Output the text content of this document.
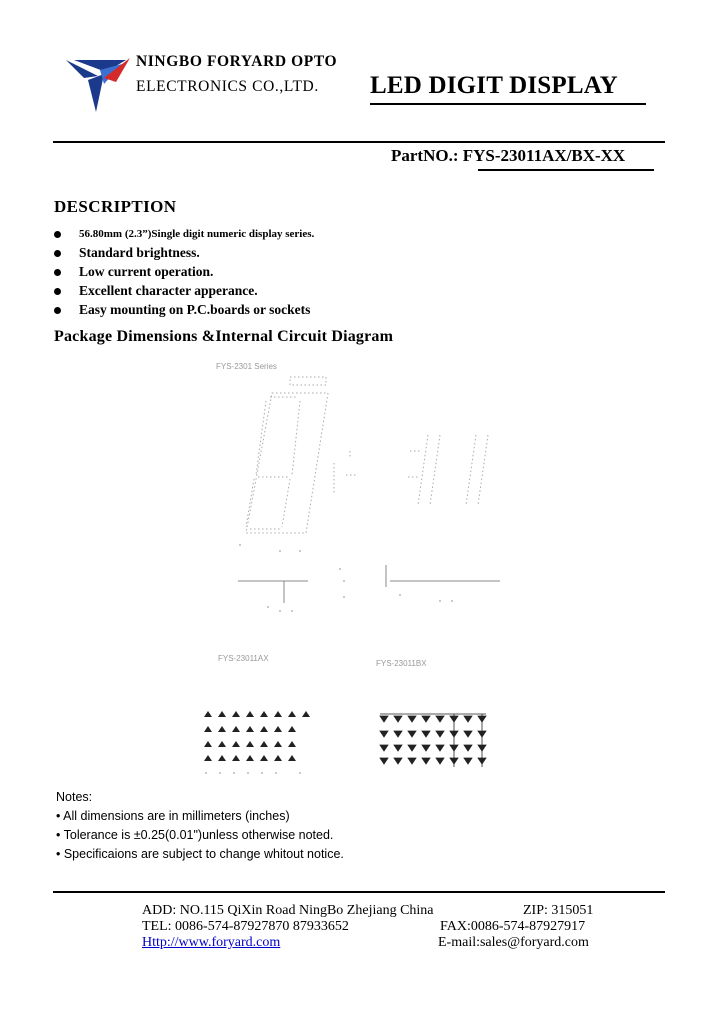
NINGBO FORYARD OPTO
ELECTRONICS CO.,LTD. LED DIGIT DISPLAY
PartNO.: FYS-23011AX/BX-XX
DESCRIPTION
56.80mm (2.3”)Single digit numeric display series.
Standard brightness.
Low current operation.
Excellent character apperance.
Easy mounting on P.C.boards or sockets
Package Dimensions &Internal Circuit Diagram
FYS-2301 Series
FYS-23011AX
FYS-23011BX
Notes:
• All dimensions are in millimeters (inches)
• Tolerance is ±0.25(0.01")unless otherwise noted.
• Specificaions are subject to change whitout notice.
ADD: NO.115 QiXin Road NingBo Zhejiang China	ZIP: 315051
TEL: 0086-574-87927870 87933652	FAX:0086-574-87927917
Http://www.foryard.com	E-mail:sales@foryard.com
